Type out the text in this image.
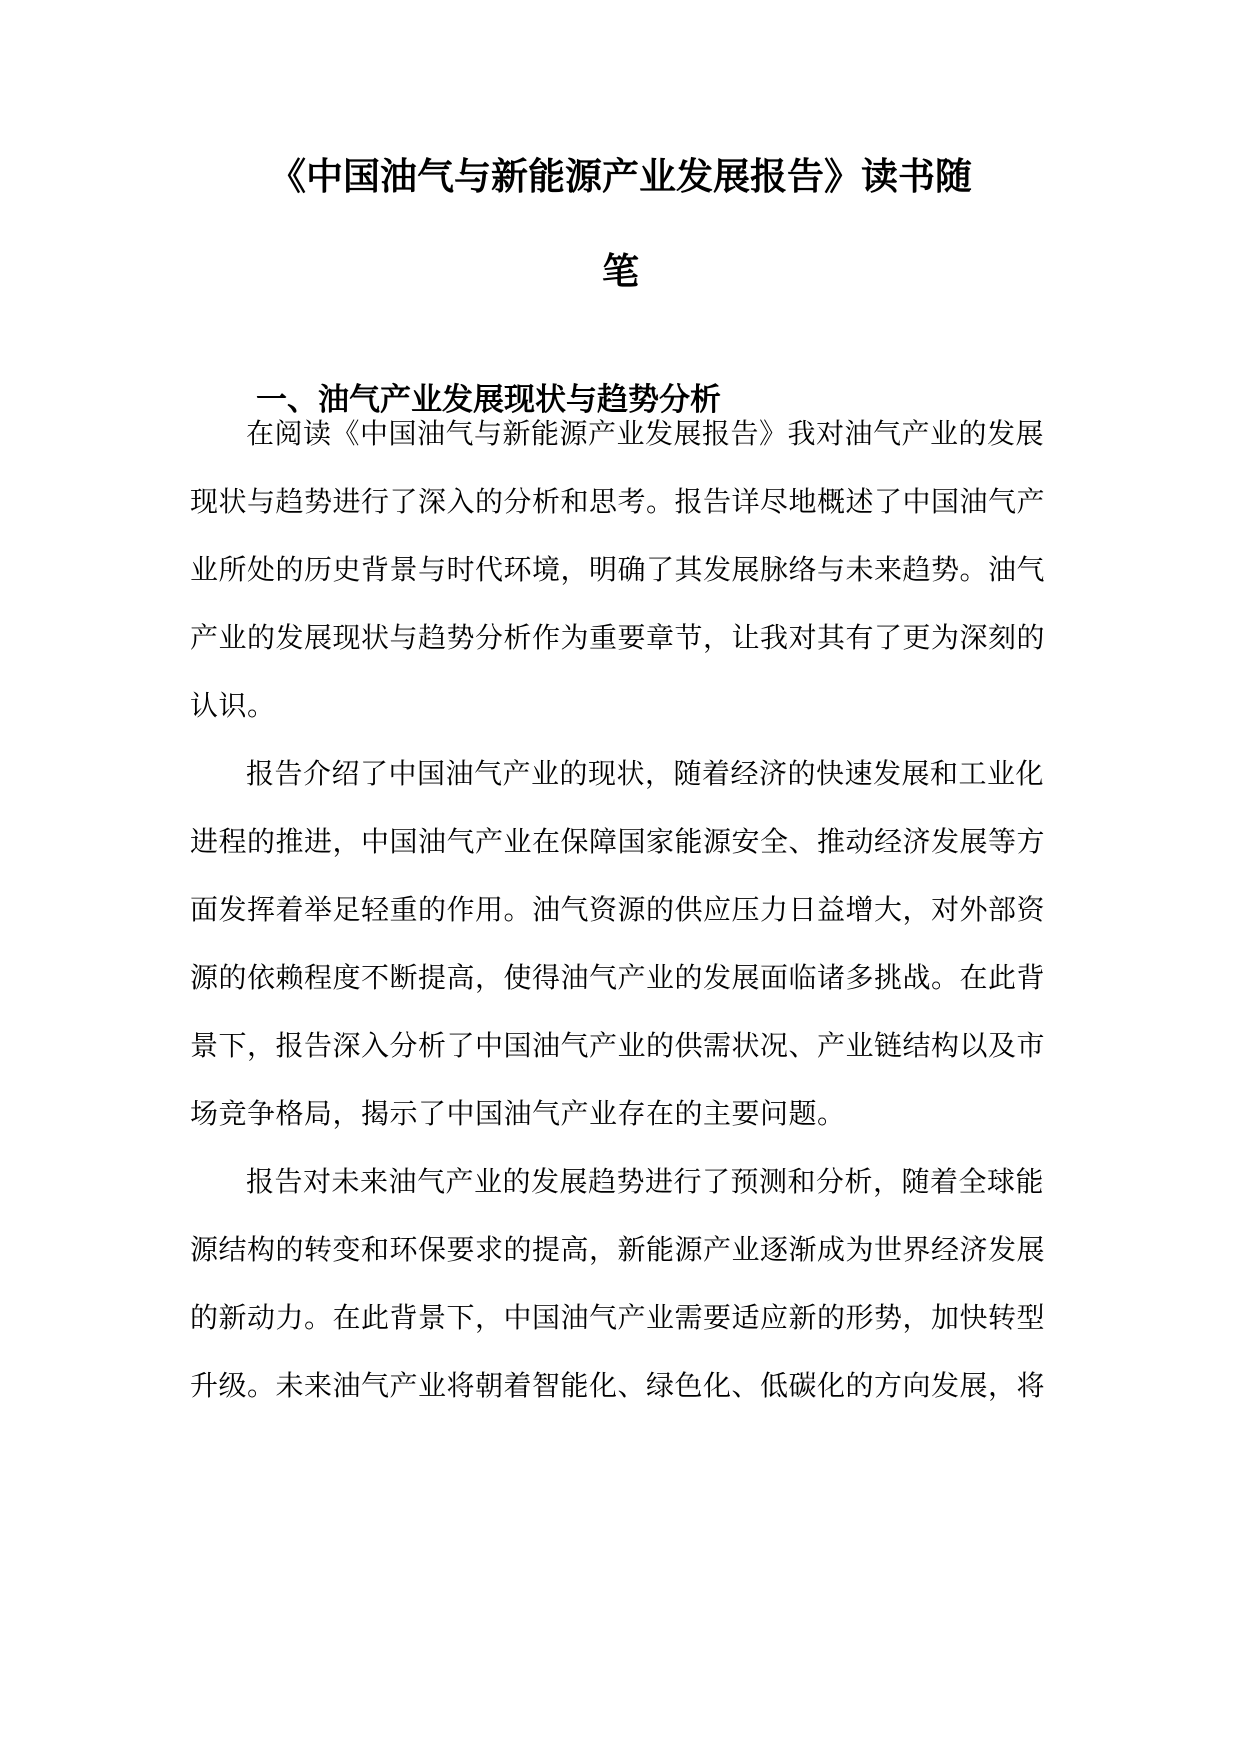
《中国油气与新能源产业发展报告》读书随
笔
一、油气产业发展现状与趋势分析
在阅读《中国油气与新能源产业发展报告》我对油气产业的发展
现状与趋势进行了深入的分析和思考。报告详尽地概述了中国油气产
业所处的历史背景与时代环境，明确了其发展脉络与未来趋势。油气
产业的发展现状与趋势分析作为重要章节，让我对其有了更为深刻的
认识。
报告介绍了中国油气产业的现状，随着经济的快速发展和工业化
进程的推进，中国油气产业在保障国家能源安全、推动经济发展等方
面发挥着举足轻重的作用。油气资源的供应压力日益增大，对外部资
源的依赖程度不断提高，使得油气产业的发展面临诸多挑战。在此背
景下，报告深入分析了中国油气产业的供需状况、产业链结构以及市
场竞争格局，揭示了中国油气产业存在的主要问题。
报告对未来油气产业的发展趋势进行了预测和分析，随着全球能
源结构的转变和环保要求的提高，新能源产业逐渐成为世界经济发展
的新动力。在此背景下，中国油气产业需要适应新的形势，加快转型
升级。未来油气产业将朝着智能化、绿色化、低碳化的方向发展，将
